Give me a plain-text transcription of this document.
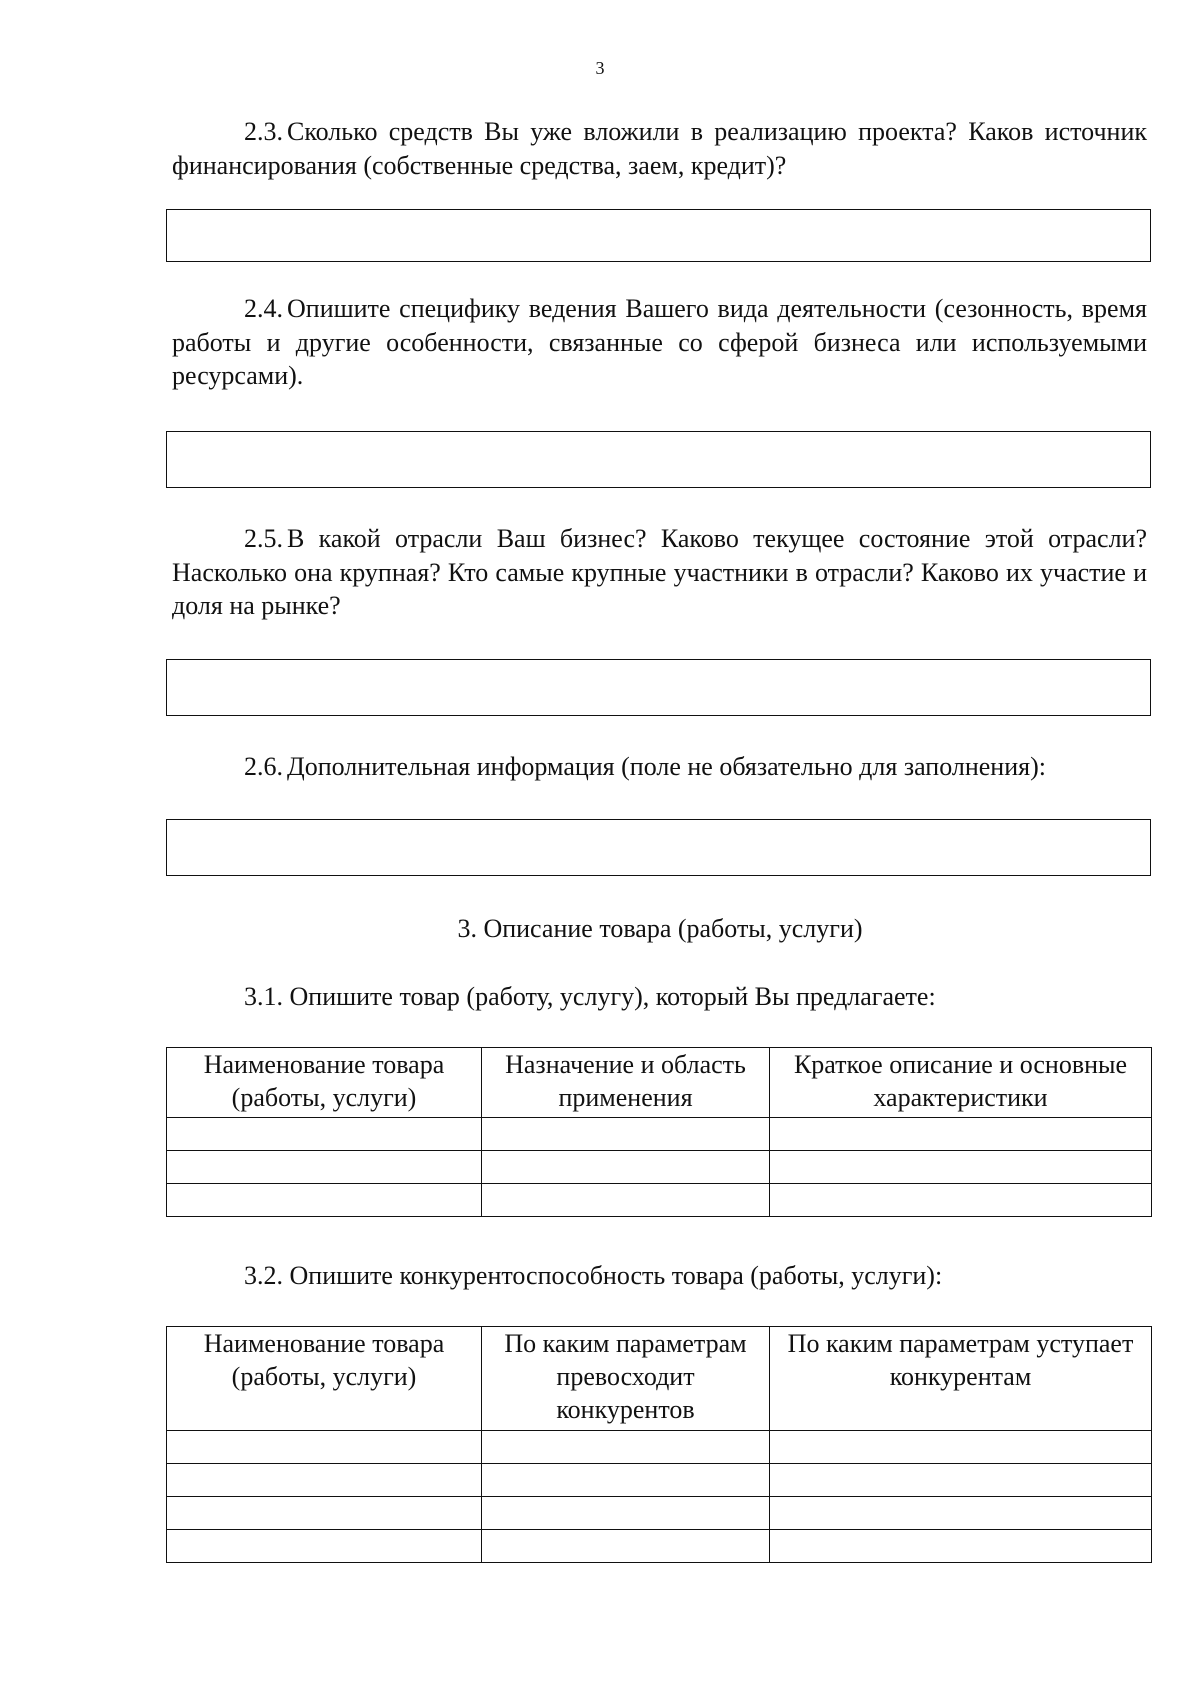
3

2.3. Сколько средств Вы уже вложили в реализацию проекта? Каков источник финансирования (собственные средства, заем, кредит)?

2.4. Опишите специфику ведения Вашего вида деятельности (сезонность, время работы и другие особенности, связанные со сферой бизнеса или используемыми ресурсами).

2.5. В какой отрасли Ваш бизнес? Каково текущее состояние этой отрасли? Насколько она крупная? Кто самые крупные участники в отрасли? Каково их участие и доля на рынке?

2.6. Дополнительная информация (поле не обязательно для заполнения):

3. Описание товара (работы, услуги)

3.1. Опишите товар (работу, услугу), который Вы предлагаете:

Наименование товара (работы, услуги)	Назначение и область применения	Краткое описание и основные характеристики

3.2. Опишите конкурентоспособность товара (работы, услуги):

Наименование товара (работы, услуги)	По каким параметрам превосходит конкурентов	По каким параметрам уступает конкурентам
